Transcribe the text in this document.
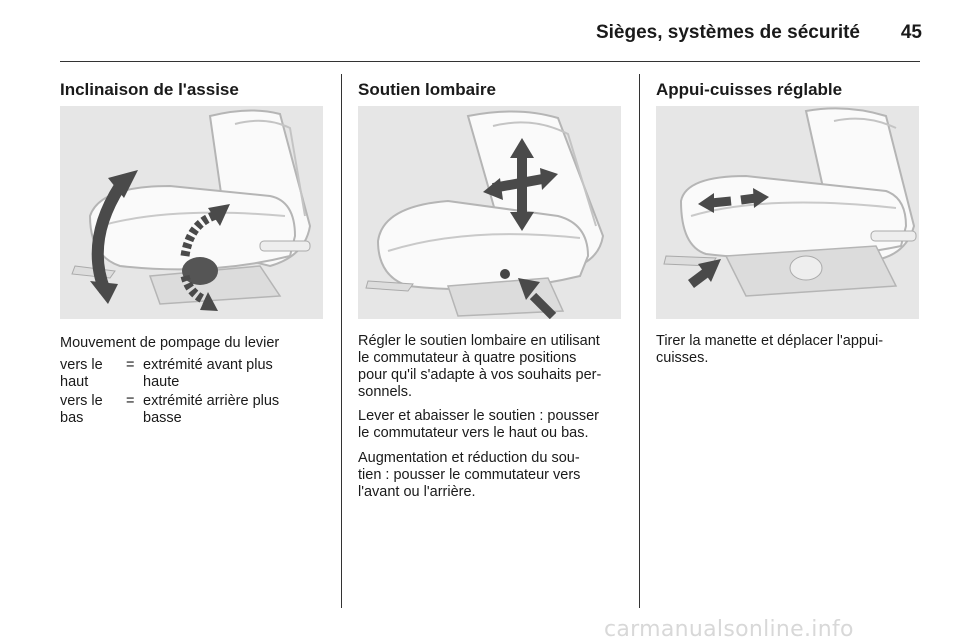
Sièges, systèmes de sécurité	45
Inclinaison de l'assise
Mouvement de pompage du levier
vers le
haut
= extrémité avant plus
haute
vers le
bas
= extrémité arrière plus
basse
Soutien lombaire
Régler le soutien lombaire en utilisant
le commutateur à quatre positions
pour qu'il s'adapte à vos souhaits per-
sonnels.
Lever et abaisser le soutien : pousser
le commutateur vers le haut ou bas.
Augmentation et réduction du sou-
tien : pousser le commutateur vers
l'avant ou l'arrière.
Appui-cuisses réglable
Tirer la manette et déplacer l'appui-
cuisses.
carmanualsonline.info
